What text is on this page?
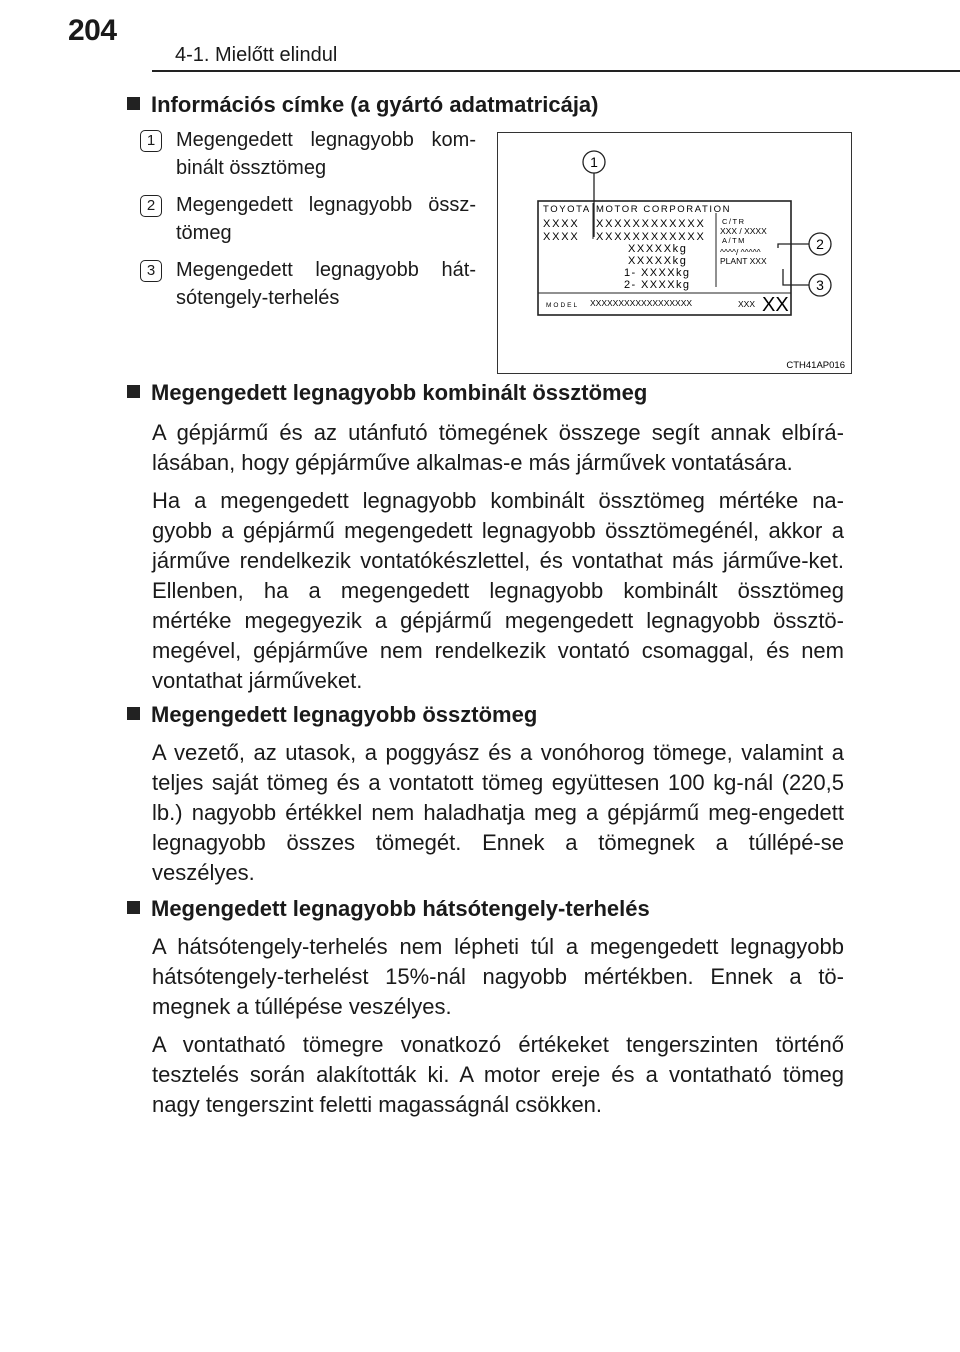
204
4-1. Mielőtt elindul
Információs címke (a gyártó adatmatricája)
1	Megengedett legnagyobb kom-binált össztömeg
2	Megengedett legnagyobb össz-tömeg
3	Megengedett legnagyobb hát-sótengely-terhelés
TOYOTA MOTOR CORPORATION
XXXX
XXXX
XXXXXXXXXXXX
XXXXXXXXXXXX
XXXXXkg
XXXXXkg
1- XXXXkg
2- XXXXkg
C/TR
XXX / XXXX
A/TM
^^^^/ ^^^^^
PLANT XXX
MODEL XXXXXXXXXXXXXXXXXX	XXX XX
1
2
3
CTH41AP016
Megengedett legnagyobb kombinált össztömeg
A gépjármű és az utánfutó tömegének összege segít annak elbírá-lásában, hogy gépjárműve alkalmas-e más járművek vontatására.
Ha a megengedett legnagyobb kombinált össztömeg mértéke na-gyobb a gépjármű megengedett legnagyobb össztömegénél, akkor a járműve rendelkezik vontatókészlettel, és vontathat más járműve-ket. Ellenben, ha a megengedett legnagyobb kombinált össztömeg mértéke megegyezik a gépjármű megengedett legnagyobb össztö-megével, gépjárműve nem rendelkezik vontató csomaggal, és nem vontathat járműveket.
Megengedett legnagyobb össztömeg
A vezető, az utasok, a poggyász és a vonóhorog tömege, valamint a teljes saját tömeg és a vontatott tömeg együttesen 100 kg-nál (220,5 lb.) nagyobb értékkel nem haladhatja meg a gépjármű meg-engedett legnagyobb összes tömegét. Ennek a tömegnek a túllépé-se veszélyes.
Megengedett legnagyobb hátsótengely-terhelés
A hátsótengely-terhelés nem lépheti túl a megengedett legnagyobb hátsótengely-terhelést 15%-nál nagyobb mértékben. Ennek a tö-megnek a túllépése veszélyes.
A vontatható tömegre vonatkozó értékeket tengerszinten történő tesztelés során alakították ki. A motor ereje és a vontatható tömeg nagy tengerszint feletti magasságnál csökken.
